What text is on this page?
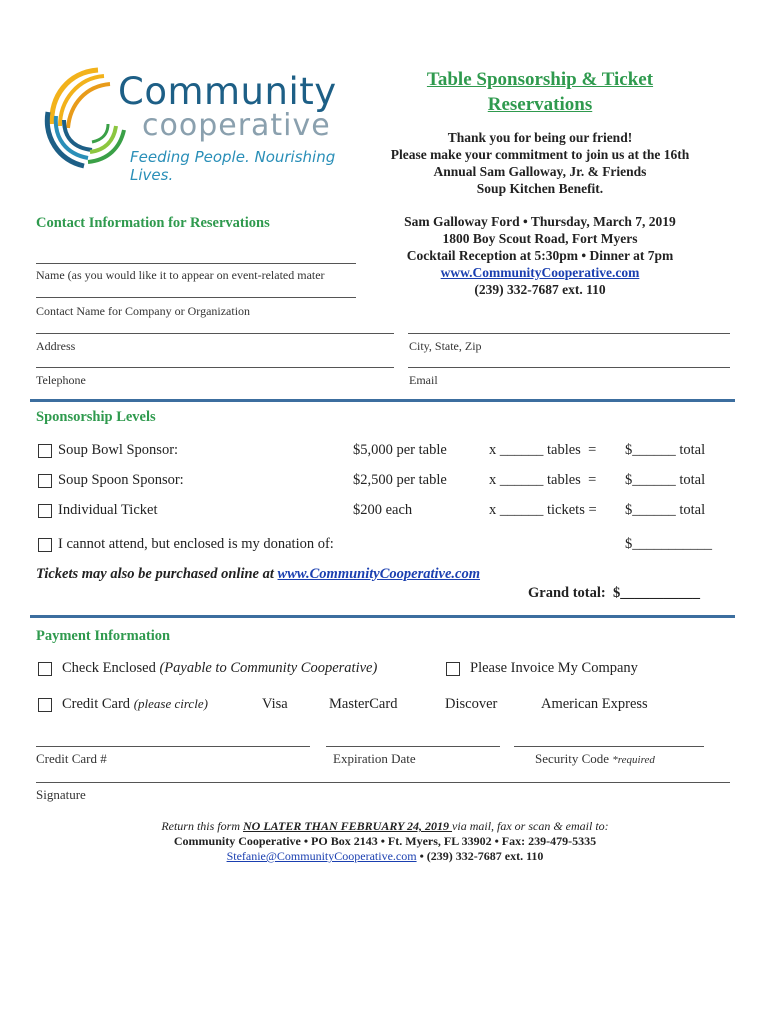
Community
cooperative
Feeding People. Nourishing Lives.
Table Sponsorship & Ticket
Reservations
Thank you for being our friend!
Please make your commitment to join us at the 16th
Annual Sam Galloway, Jr. & Friends
Soup Kitchen Benefit.
Sam Galloway Ford • Thursday, March 7, 2019
1800 Boy Scout Road, Fort Myers
Cocktail Reception at 5:30pm • Dinner at 7pm
www.CommunityCooperative.com
(239) 332-7687 ext. 110
Contact Information for Reservations
Name (as you would like it to appear on event-related mater
Contact Name for Company or Organization
Address	City, State, Zip
Telephone	Email
Sponsorship Levels
Soup Bowl Sponsor:	$5,000 per table	x ______ tables  = $______ total
Soup Spoon Sponsor:	$2,500 per table	x ______ tables  = $______ total
Individual Ticket	$200 each	x ______ tickets = $______ total
I cannot attend, but enclosed is my donation of:	$___________
Tickets may also be purchased online at www.CommunityCooperative.com
Grand total: $___________
Payment Information
Check Enclosed (Payable to Community Cooperative)	Please Invoice My Company
Credit Card (please circle)	Visa	MasterCard	Discover	American Express
Credit Card #	Expiration Date	Security Code *required
Signature
Return this form NO LATER THAN FEBRUARY 24, 2019 via mail, fax or scan & email to:
Community Cooperative • PO Box 2143 • Ft. Myers, FL 33902 • Fax: 239-479-5335
Stefanie@CommunityCooperative.com • (239) 332-7687 ext. 110
